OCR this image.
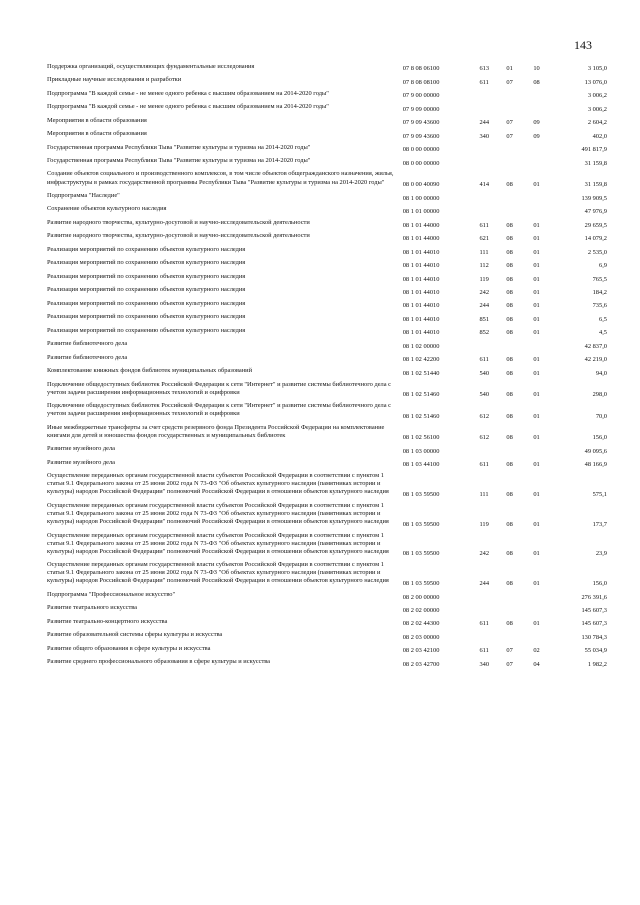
143
Поддержка организаций, осуществляющих фундаментальные исследования	07 8 08 06100	613	01	10	3 105,0
Прикладные научные исследования и разработки	07 8 08 08100	611	07	08	13 076,0
Подпрограмма "В каждой семье - не менее одного ребенка с высшим образованием на 2014-2020 годы"	07 9 00 00000				3 006,2
Подпрограмма "В каждой семье - не менее одного ребенка с высшим образованием на 2014-2020 годы"	07 9 09 00000				3 006,2
Мероприятия в области образования	07 9 09 43600	244	07	09	2 604,2
Мероприятия в области образования	07 9 09 43600	340	07	09	402,0
Государственная программа Республики Тыва "Развитие культуры и туризма на 2014-2020 годы"	08 0 00 00000				491 817,9
Государственная программа Республики Тыва "Развитие культуры и туризма на 2014-2020 годы"	08 0 00 00000				31 159,8
Создание объектов социального и производственного комплексов, в том числе объектов общегражданского назначения, жилья, инфраструктуры в рамках государственной программы Республики Тыва "Развитие культуры и туризма на 2014-2020 годы"	08 0 00 40090	414	08	01	31 159,8
Подпрограмма "Наследие"	08 1 00 00000				139 909,5
Сохранение объектов культурного наследия	08 1 01 00000				47 976,9
Развитие народного творчества, культурно-досуговой и научно-исследовательской деятельности	08 1 01 44000	611	08	01	29 659,5
Развитие народного творчества, культурно-досуговой и научно-исследовательской деятельности	08 1 01 44000	621	08	01	14 079,2
Реализация мероприятий по сохранению объектов культурного наследия	08 1 01 44010	111	08	01	2 535,0
Реализация мероприятий по сохранению объектов культурного наследия	08 1 01 44010	112	08	01	6,9
Реализация мероприятий по сохранению объектов культурного наследия	08 1 01 44010	119	08	01	765,5
Реализация мероприятий по сохранению объектов культурного наследия	08 1 01 44010	242	08	01	184,2
Реализация мероприятий по сохранению объектов культурного наследия	08 1 01 44010	244	08	01	735,6
Реализация мероприятий по сохранению объектов культурного наследия	08 1 01 44010	851	08	01	6,5
Реализация мероприятий по сохранению объектов культурного наследия	08 1 01 44010	852	08	01	4,5
Развитие библиотечного дела	08 1 02 00000				42 837,0
Развитие библиотечного дела	08 1 02 42200	611	08	01	42 219,0
Комплектование книжных фондов библиотек муниципальных образований	08 1 02 51440	540	08	01	94,0
Подключение общедоступных библиотек Российской Федерации к сети "Интернет" и развитие системы библиотечного дела с учетом задачи расширения информационных технологий и оцифровки	08 1 02 51460	540	08	01	298,0
Подключение общедоступных библиотек Российской Федерации к сети "Интернет" и развитие системы библиотечного дела с учетом задачи расширения информационных технологий и оцифровки	08 1 02 51460	612	08	01	70,0
Иные межбюджетные трансферты за счет средств резервного фонда Президента Российской Федерации на комплектование книгами для детей и юношества фондов государственных и муниципальных библиотек	08 1 02 56100	612	08	01	156,0
Развитие музейного дела	08 1 03 00000				49 095,6
Развитие музейного дела	08 1 03 44100	611	08	01	48 166,9
Осуществление переданных органам государственной власти субъектов Российской Федерации в соответствии с пунктом 1 статьи 9.1 Федерального закона от 25 июня 2002 года N 73-ФЗ "Об объектах культурного наследия (памятниках истории и культуры) народов Российской Федерации" полномочий Российской Федерации в отношении объектов культурного наследия	08 1 03 59500	111	08	01	575,1
Осуществление переданных органам государственной власти субъектов Российской Федерации в соответствии с пунктом 1 статьи 9.1 Федерального закона от 25 июня 2002 года N 73-ФЗ "Об объектах культурного наследия (памятниках истории и культуры) народов Российской Федерации" полномочий Российской Федерации в отношении объектов культурного наследия	08 1 03 59500	119	08	01	173,7
Осуществление переданных органам государственной власти субъектов Российской Федерации в соответствии с пунктом 1 статьи 9.1 Федерального закона от 25 июня 2002 года N 73-ФЗ "Об объектах культурного наследия (памятниках истории и культуры) народов Российской Федерации" полномочий Российской Федерации в отношении объектов культурного наследия	08 1 03 59500	242	08	01	23,9
Осуществление переданных органам государственной власти субъектов Российской Федерации в соответствии с пунктом 1 статьи 9.1 Федерального закона от 25 июня 2002 года N 73-ФЗ "Об объектах культурного наследия (памятниках истории и культуры) народов Российской Федерации" полномочий Российской Федерации в отношении объектов культурного наследия	08 1 03 59500	244	08	01	156,0
Подпрограмма "Профессиональное искусство"	08 2 00 00000				276 391,6
Развитие театрального искусства	08 2 02 00000				145 607,3
Развитие театрально-концертного искусства	08 2 02 44300	611	08	01	145 607,3
Развитие образовательной системы сферы культуры и искусства	08 2 03 00000				130 784,3
Развитие общего образования в сфере культуры и искусства	08 2 03 42100	611	07	02	55 034,9
Развитие среднего профессионального образования в сфере культуры и искусства	08 2 03 42700	340	07	04	1 982,2
